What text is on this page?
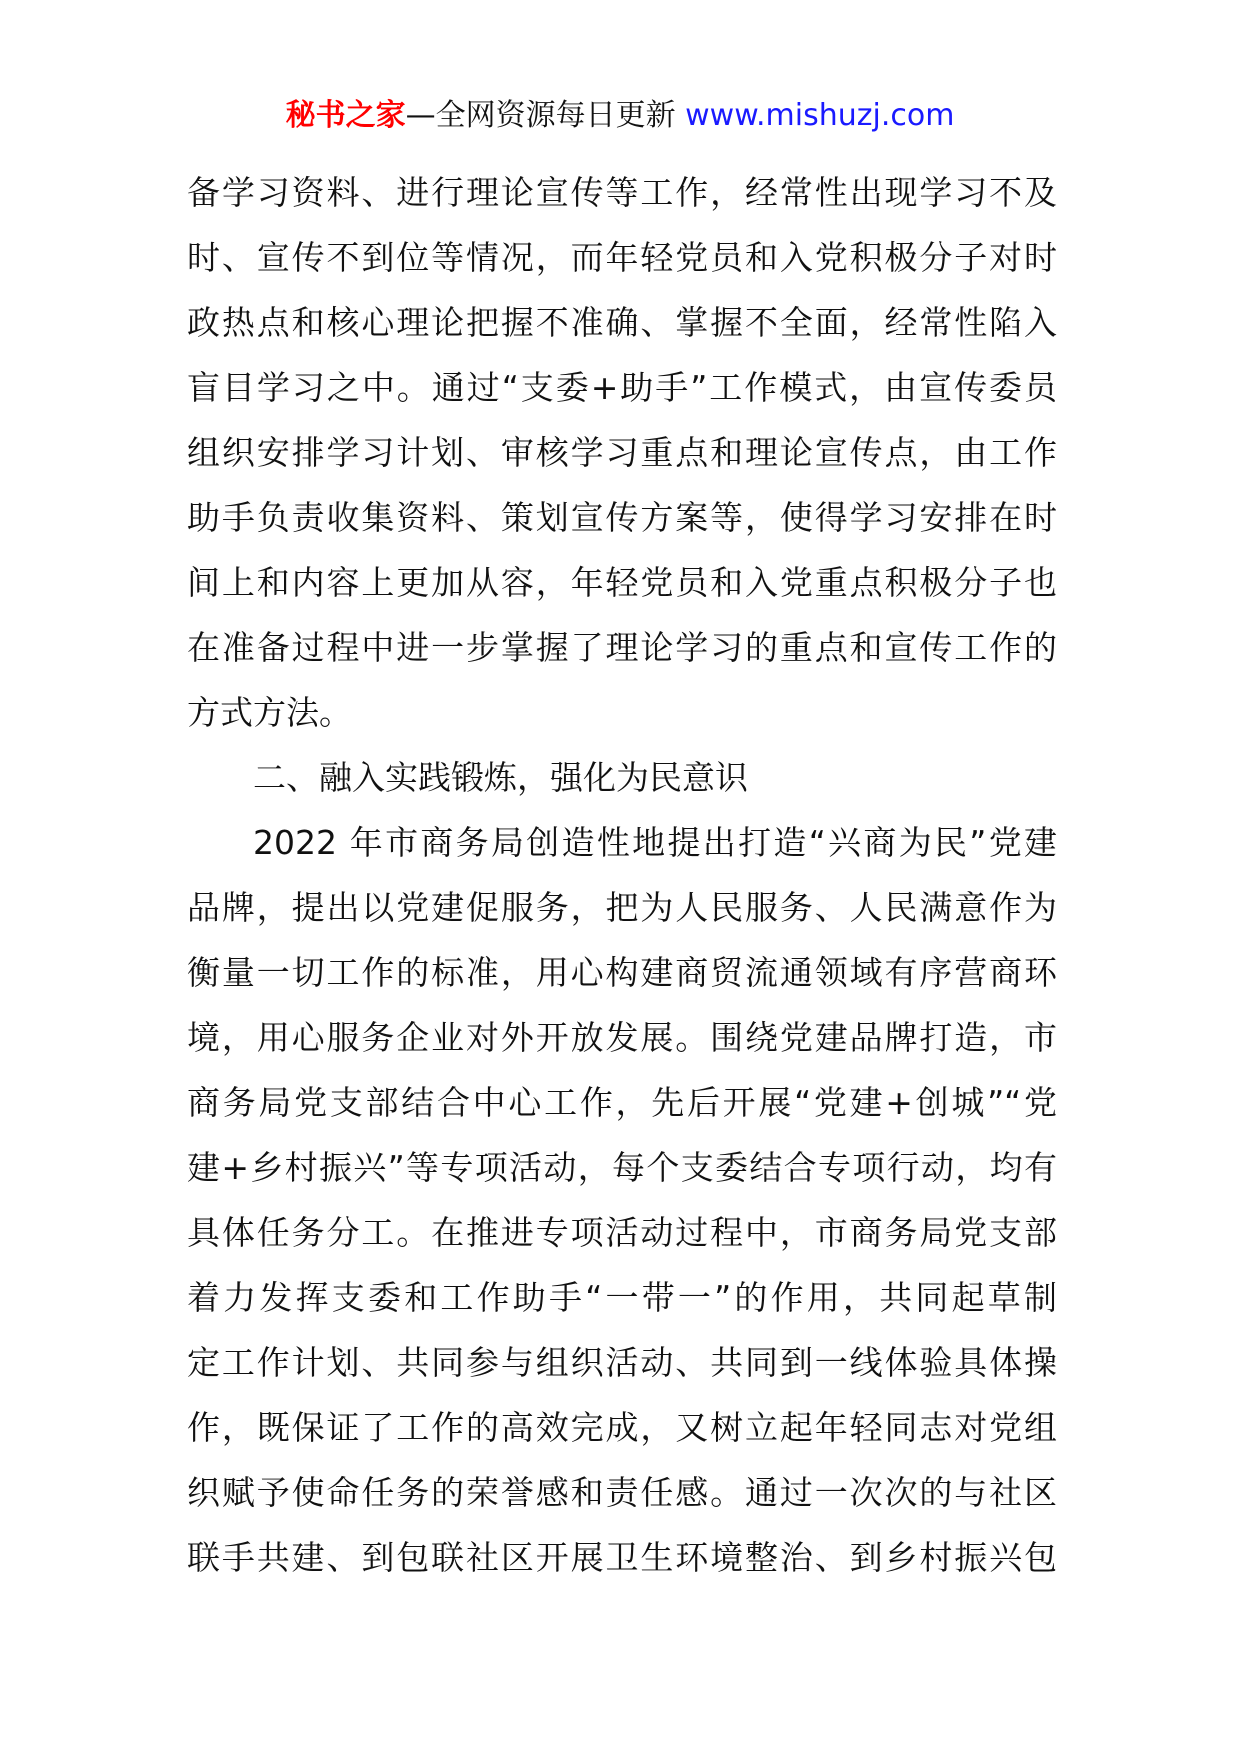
秘书之家—全网资源每日更新 www.mishuzj.com
备学习资料、进行理论宣传等工作，经常性出现学习不及
时、宣传不到位等情况，而年轻党员和入党积极分子对时
政热点和核心理论把握不准确、掌握不全面，经常性陷入
盲目学习之中。通过“支委+助手”工作模式，由宣传委员
组织安排学习计划、审核学习重点和理论宣传点，由工作
助手负责收集资料、策划宣传方案等，使得学习安排在时
间上和内容上更加从容，年轻党员和入党重点积极分子也
在准备过程中进一步掌握了理论学习的重点和宣传工作的
方式方法。
二、融入实践锻炼，强化为民意识
2022 年市商务局创造性地提出打造“兴商为民”党建
品牌，提出以党建促服务，把为人民服务、人民满意作为
衡量一切工作的标准，用心构建商贸流通领域有序营商环
境，用心服务企业对外开放发展。围绕党建品牌打造，市
商务局党支部结合中心工作，先后开展“党建+创城”“党
建+乡村振兴”等专项活动，每个支委结合专项行动，均有
具体任务分工。在推进专项活动过程中，市商务局党支部
着力发挥支委和工作助手“一带一”的作用，共同起草制
定工作计划、共同参与组织活动、共同到一线体验具体操
作，既保证了工作的高效完成，又树立起年轻同志对党组
织赋予使命任务的荣誉感和责任感。通过一次次的与社区
联手共建、到包联社区开展卫生环境整治、到乡村振兴包
